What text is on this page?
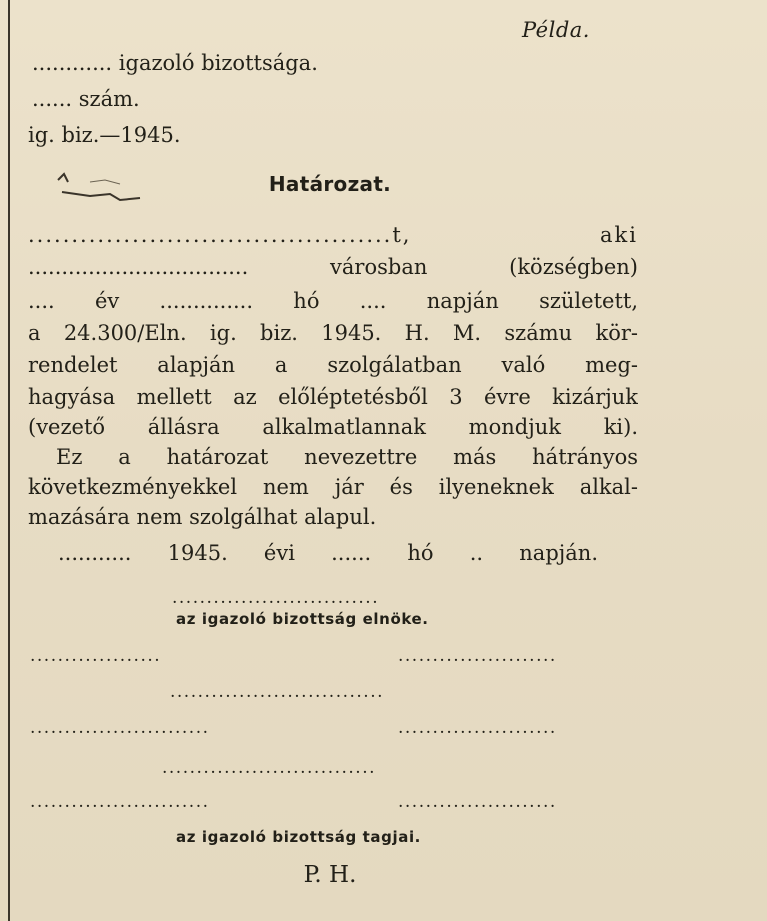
Példa.
............ igazoló bizottsága.
...... szám.
ig. biz.—1945.
Határozat.
..........................................t, aki
................................. városban (községben)
.... év .............. hó .... napján született,
a 24.300/Eln. ig. biz. 1945. H. M. számu kör-
rendelet alapján a szolgálatban való meg-
hagyása mellett az előléptetésből 3 évre kizárjuk
(vezető állásra alkalmatlannak mondjuk ki).
Ez a határozat nevezettre más hátrányos
következményekkel nem jár és ilyeneknek alkal-
mazására nem szolgálhat alapul.
........... 1945. évi ...... hó .. napján.
..............................
az igazoló bizottság elnöke.
...................	.......................
...............................
..........................	.......................
...............................
..........................	.......................
az igazoló bizottság tagjai.
P. H.
